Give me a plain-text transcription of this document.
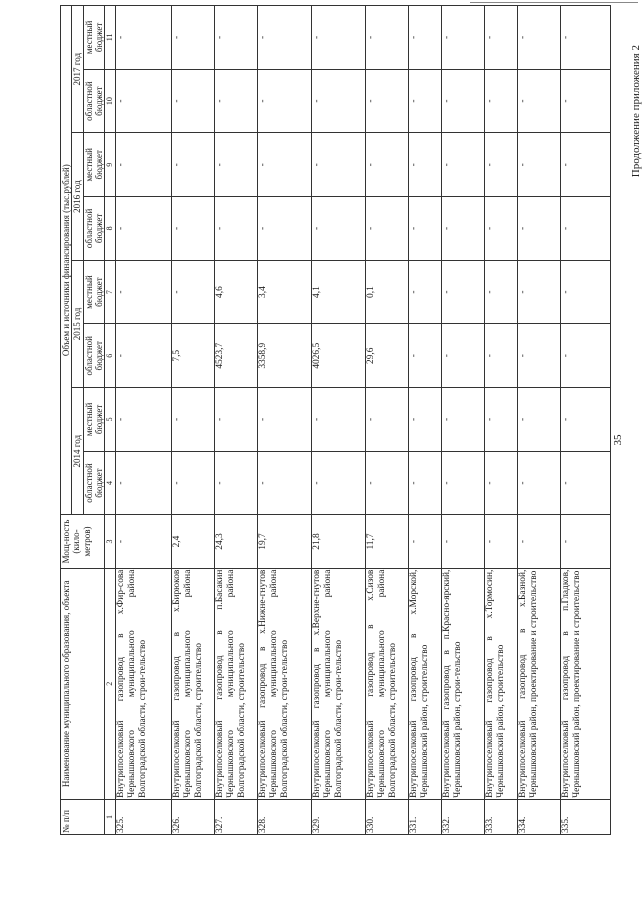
35
Продолжение приложения 2
№ п/п	Наименование муниципального образования, объекта	Мощ-ность (кило-метров)	Объем и источники финансирования (тыс.рублей)							
			2014 год		2015 год		2016 год		2017 год	
			областной бюджет	местный бюджет	областной бюджет	местный бюджет	областной бюджет	местный бюджет	областной бюджет	местный бюджет
1	2	3	4	5	6	7	8	9	10	11
325.	Внутрипоселковый газопровод в х.Фир-сова Чернышковского муниципального района Волгоградской области, строи-тельство	-	-	-	-	-	-	-	-	-
326.	Внутрипоселковый газопровод в х.Бирюков Чернышковского муниципального района Волгоградской области, строительство	2,4	-	-	7,5	-	-	-	-	-
327.	Внутрипоселковый газопровод в п.Басакин Чернышковского муниципального района Волгоградской области, строительство	24,3	-	-	4523,7	4,6	-	-	-	-
328.	Внутрипоселковый газопровод в х.Нижне-гнутов Чернышковского муниципального района Волгоградской области, строи-тельство	19,7	-	-	3358,9	3,4	-	-	-	-
329.	Внутрипоселковый газопровод в х.Верхне-гнутов Чернышковского муниципального района Волгоградской области, строи-тельство	21,8	-	-	4026,5	4,1	-	-	-	-
330.	Внутрипоселковый газопровод в х.Сизов Чернышковского муниципального района Волгоградской области, строительство	11,7	-	-	29,6	0,1	-	-	-	-
331.	Внутрипоселковый газопровод в х.Морской, Чернышковский район, строительство	-	-	-	-	-	-	-	-	-
332.	Внутрипоселковый газопровод в п.Красно-ярский, Чернышковский район, строи-тельство	-	-	-	-	-	-	-	-	-
333.	Внутрипоселковый газопровод в х.Тормосин, Чернышковский район, строительство	-	-	-	-	-	-	-	-	-
334.	Внутрипоселковый газопровод в х.Базной, Чернышковский район, проектирование и строительство	-	-	-	-	-	-	-	-	-
335.	Внутрипоселковый газопровод в п.Гладков, Чернышковский район, проектирование и строительство	-	-	-	-	-	-	-	-	-
